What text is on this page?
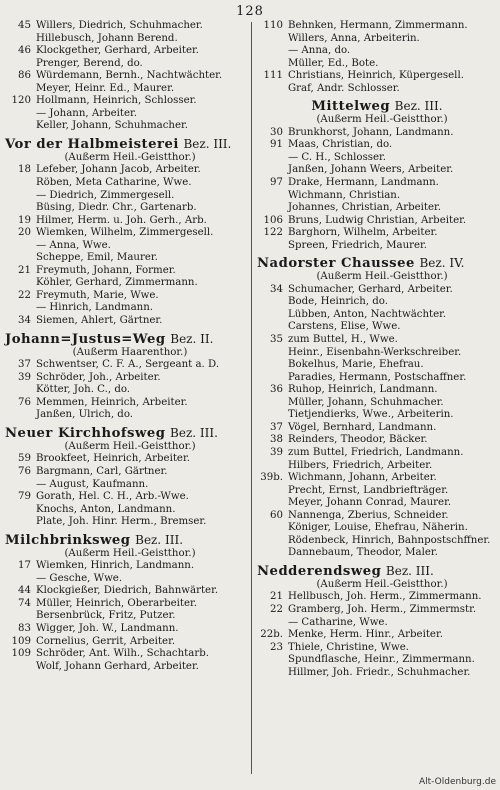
128
45 Willers, Diedrich, Schuhmacher.
Hillebusch, Johann Berend.
46 Klockgether, Gerhard, Arbeiter.
Prenger, Berend, do.
86 Würdemann, Bernh., Nachtwächter.
Meyer, Heinr. Ed., Maurer.
120 Hollmann, Heinrich, Schlosser.
— Johann, Arbeiter.
Keller, Johann, Schuhmacher.
Vor der Halbmeisterei Bez. III.
(Außerm Heil.-Geistthor.)
18 Lefeber, Johann Jacob, Arbeiter.
Röben, Meta Catharine, Wwe.
— Diedrich, Zimmergesell.
Büsing, Diedr. Chr., Gartenarb.
19 Hilmer, Herm. u. Joh. Gerh., Arb.
20 Wiemken, Wilhelm, Zimmergesell.
— Anna, Wwe.
Scheppe, Emil, Maurer.
21 Freymuth, Johann, Former.
Köhler, Gerhard, Zimmermann.
22 Freymuth, Marie, Wwe.
— Hinrich, Landmann.
34 Siemen, Ahlert, Gärtner.
Johann=Justus=Weg Bez. II.
(Außerm Haarenthor.)
37 Schwentser, C. F. A., Sergeant a. D.
39 Schröder, Joh., Arbeiter.
Kötter, Joh. C., do.
76 Memmen, Heinrich, Arbeiter.
Janßen, Ulrich, do.
Neuer Kirchhofsweg Bez. III.
(Außerm Heil.-Geistthor.)
59 Brookfeet, Heinrich, Arbeiter.
76 Bargmann, Carl, Gärtner.
— August, Kaufmann.
79 Gorath, Hel. C. H., Arb.-Wwe.
Knochs, Anton, Landmann.
Plate, Joh. Hinr. Herm., Bremser.
Milchbrinksweg Bez. III.
(Außerm Heil.-Geistthor.)
17 Wiemken, Hinrich, Landmann.
— Gesche, Wwe.
44 Klockgießer, Diedrich, Bahnwärter.
74 Müller, Heinrich, Oberarbeiter.
Bersenbrück, Fritz, Putzer.
83 Wigger, Joh. W., Landmann.
109 Cornelius, Gerrit, Arbeiter.
109 Schröder, Ant. Wilh., Schachtarb.
Wolf, Johann Gerhard, Arbeiter.
110 Behnken, Hermann, Zimmermann.
Willers, Anna, Arbeiterin.
— Anna, do.
Müller, Ed., Bote.
111 Christians, Heinrich, Küpergesell.
Graf, Andr. Schlosser.
Mittelweg Bez. III.
(Außerm Heil.-Geistthor.)
30 Brunkhorst, Johann, Landmann.
91 Maas, Christian, do.
— C. H., Schlosser.
Janßen, Johann Weers, Arbeiter.
97 Drake, Hermann, Landmann.
Wichmann, Christian.
Johannes, Christian, Arbeiter.
106 Bruns, Ludwig Christian, Arbeiter.
122 Barghorn, Wilhelm, Arbeiter.
Spreen, Friedrich, Maurer.
Nadorster Chaussee Bez. IV.
(Außerm Heil.-Geistthor.)
34 Schumacher, Gerhard, Arbeiter.
Bode, Heinrich, do.
Lübben, Anton, Nachtwächter.
Carstens, Elise, Wwe.
35 zum Buttel, H., Wwe.
Heinr., Eisenbahn-Werkschreiber.
Bokelhus, Marie, Ehefrau.
Paradies, Hermann, Postschaffner.
36 Ruhop, Heinrich, Landmann.
Müller, Johann, Schuhmacher.
Tietjendierks, Wwe., Arbeiterin.
37 Vögel, Bernhard, Landmann.
38 Reinders, Theodor, Bäcker.
39 zum Buttel, Friedrich, Landmann.
Hilbers, Friedrich, Arbeiter.
39b. Wichmann, Johann, Arbeiter.
Precht, Ernst, Landbriefträger.
Meyer, Johann Conrad, Maurer.
60 Nannenga, Zberius, Schneider.
Königer, Louise, Ehefrau, Näherin.
Rödenbeck, Hinrich, Bahnpostschffner.
Dannebaum, Theodor, Maler.
Nedderendsweg Bez. III.
(Außerm Heil.-Geistthor.)
21 Hellbusch, Joh. Herm., Zimmermann.
22 Gramberg, Joh. Herm., Zimmermstr.
— Catharine, Wwe.
22b. Menke, Herm. Hinr., Arbeiter.
23 Thiele, Christine, Wwe.
Spundflasche, Heinr., Zimmermann.
Hillmer, Joh. Friedr., Schuhmacher.
Alt-Oldenburg.de
